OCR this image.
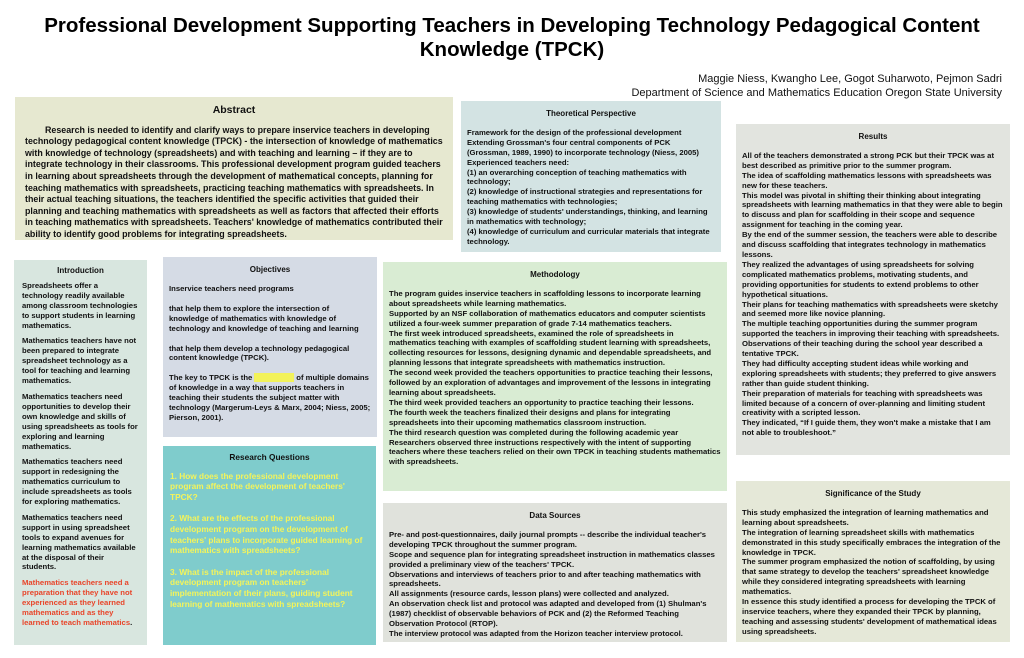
Professional Development Supporting Teachers in Developing Technology Pedagogical Content Knowledge (TPCK)
Maggie Niess, Kwangho Lee, Gogot Suharwoto, Pejmon Sadri
Department of Science and Mathematics Education Oregon State University
Abstract

Research is needed to identify and clarify ways to prepare inservice teachers in developing technology pedagogical content knowledge (TPCK) - the intersection of knowledge of mathematics with knowledge of technology (spreadsheets) and with teaching and learning – if they are to integrate technology in their classrooms. This professional development program guided teachers in learning about spreadsheets through the development of mathematical concepts, planning for teaching mathematics with spreadsheets, practicing teaching mathematics with spreadsheets. In their actual teaching situations, the teachers identified the specific activities that guided their planning and teaching mathematics with spreadsheets as well as factors that affected their efforts in teaching mathematics with spreadsheets. Teachers' knowledge of mathematics contributed their ability to identify good problems for integrating spreadsheets.

Theoretical Perspective

Framework for the design of the professional development

Extending Grossman's four central components of PCK (Grossman, 1989, 1990) to incorporate technology (Niess, 2005)

Experienced teachers need:

(1) an overarching conception of teaching mathematics with technology;

(2) knowledge of instructional strategies and representations for teaching mathematics with technologies;

(3) knowledge of students' understandings, thinking, and learning in mathematics with technology;

(4) knowledge of curriculum and curricular materials that integrate technology.

Results

All of the teachers demonstrated a strong PCK but their TPCK was at best described as primitive prior to the summer program.

The idea of scaffolding mathematics lessons with spreadsheets was new for these teachers.

This model was pivotal in shifting their thinking about integrating spreadsheets with learning mathematics in that they were able to begin to discuss and plan for scaffolding in their scope and sequence assignment for teaching in the coming year.

By the end of the summer session, the teachers were able to describe and discuss scaffolding that integrates technology in mathematics lessons.

They realized the advantages of using spreadsheets for solving complicated mathematics problems, motivating students, and providing opportunities for students to extend problems to other hypothetical situations.

Their plans for teaching mathematics with spreadsheets were sketchy and seemed more like novice planning.

The multiple teaching opportunities during the summer program supported the teachers in improving their teaching with spreadsheets.

Observations of their teaching during the school year described a tentative TPCK.

They had difficulty accepting student ideas while working and exploring spreadsheets with students; they preferred to give answers rather than guide student thinking.

Their preparation of materials for teaching with spreadsheets was limited because of a concern of over-planning and limiting student creativity with a scripted lesson.

They indicated, “If I guide them, they won't make a mistake that I am not able to troubleshoot.”

Introduction

Spreadsheets offer a technology readily available among classroom technologies to support students in learning mathematics.

Mathematics teachers have not been prepared to integrate spreadsheet technology as a tool for teaching and learning mathematics.

Mathematics teachers need opportunities to develop their own knowledge and skills of using spreadsheets as tools for exploring and learning mathematics.

Mathematics teachers need support in redesigning the mathematics curriculum to include spreadsheets as tools for exploring mathematics.

Mathematics teachers need support in using spreadsheet tools to expand avenues for learning mathematics available at the disposal of their students.

Mathematics teachers need a preparation that they have not experienced as they learned mathematics and as they learned to teach mathematics.

Objectives

Inservice teachers need programs

that help them to explore the intersection of knowledge of mathematics with knowledge of technology and knowledge of teaching and learning

that help them develop a technology pedagogical content knowledge (TPCK).

The key to TPCK is the integration of multiple domains of knowledge in a way that supports teachers in teaching their students the subject matter with technology (Margerum-Leys & Marx, 2004; Niess, 2005; Pierson, 2001).

Research Questions

1. How does the professional development program affect the development of teachers' TPCK?

2. What are the effects of the professional development program on the development of teachers' plans to incorporate guided learning of mathematics with spreadsheets?

3. What is the impact of the professional development program on teachers' implementation of their plans, guiding student learning of mathematics with spreadsheets?

Methodology

The program guides inservice teachers in scaffolding lessons to incorporate learning about spreadsheets while learning mathematics.

Supported by an NSF collaboration of mathematics educators and computer scientists utilized a four-week summer preparation of grade 7-14 mathematics teachers.

The first week introduced spreadsheets, examined the role of spreadsheets in mathematics teaching with examples of scaffolding student learning with spreadsheets, collecting resources for lessons, designing dynamic and dependable spreadsheets, and planning lessons that integrate spreadsheets with mathematics instruction.

The second week provided the teachers opportunities to practice teaching their lessons, followed by an exploration of advantages and improvement of the lessons in integrating learning about spreadsheets.

The third week provided teachers an opportunity to practice teaching their lessons.

The fourth week the teachers finalized their designs and plans for integrating spreadsheets into their upcoming mathematics classroom instruction.

The third research question was completed during the following academic year

Researchers observed three instructions respectively with the intent of supporting teachers where these teachers relied on their own TPCK in teaching students mathematics with spreadsheets.

Data Sources

Pre- and post-questionnaires, daily journal prompts -- describe the individual teacher's developing TPCK throughout the summer program.

Scope and sequence plan for integrating spreadsheet instruction in mathematics classes provided a preliminary view of the teachers' TPCK.

Observations and interviews of teachers prior to and after teaching mathematics with spreadsheets.

All assignments (resource cards, lesson plans) were collected and analyzed.

An observation check list and protocol was adapted and developed from (1) Shulman's (1987) checklist of observable behaviors of PCK and (2) the Reformed Teaching Observation Protocol (RTOP).

The interview protocol was adapted from the Horizon teacher interview protocol.

Significance of the Study

This study emphasized the integration of learning mathematics and learning about spreadsheets.

The integration of learning spreadsheet skills with mathematics demonstrated in this study specifically embraces the integration of the knowledge in TPCK.

The summer program emphasized the notion of scaffolding, by using that same strategy to develop the teachers' spreadsheet knowledge while they considered integrating spreadsheets with learning mathematics.

In essence this study identified a process for developing the TPCK of inservice teachers, where they expanded their TPCK by planning, teaching and assessing students' development of mathematical ideas using spreadsheets.
